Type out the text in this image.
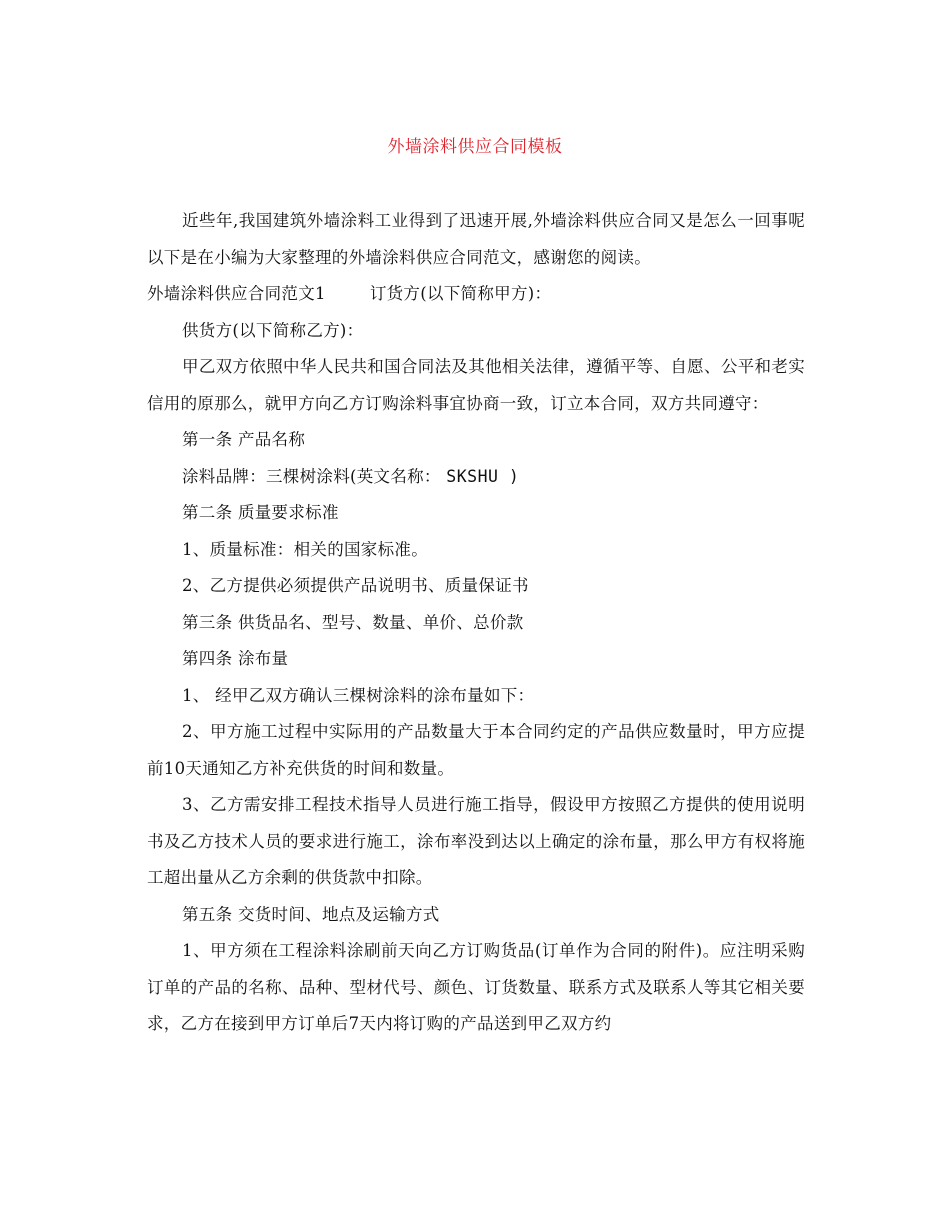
外墙涂料供应合同模板

近些年,我国建筑外墙涂料工业得到了迅速开展,外墙涂料供应合同又是怎么一回事呢以下是在小编为大家整理的外墙涂料供应合同范文，感谢您的阅读。

外墙涂料供应合同范文1	订货方(以下简称甲方)：

供货方(以下简称乙方)：

甲乙双方依照中华人民共和国合同法及其他相关法律，遵循平等、自愿、公平和老实信用的原那么，就甲方向乙方订购涂料事宜协商一致，订立本合同，双方共同遵守：

第一条 产品名称

涂料品牌：三棵树涂料(英文名称： SKSHU )

第二条 质量要求标准

1、质量标准：相关的国家标准。

2、乙方提供必须提供产品说明书、质量保证书

第三条 供货品名、型号、数量、单价、总价款

第四条 涂布量

1、 经甲乙双方确认三棵树涂料的涂布量如下：

2、甲方施工过程中实际用的产品数量大于本合同约定的产品供应数量时，甲方应提前10天通知乙方补充供货的时间和数量。

3、乙方需安排工程技术指导人员进行施工指导，假设甲方按照乙方提供的使用说明书及乙方技术人员的要求进行施工，涂布率没到达以上确定的涂布量，那么甲方有权将施工超出量从乙方余剩的供货款中扣除。

第五条 交货时间、地点及运输方式

1、甲方须在工程涂料涂刷前天向乙方订购货品(订单作为合同的附件)。应注明采购订单的产品的名称、品种、型材代号、颜色、订货数量、联系方式及联系人等其它相关要求，乙方在接到甲方订单后7天内将订购的产品送到甲乙双方约
